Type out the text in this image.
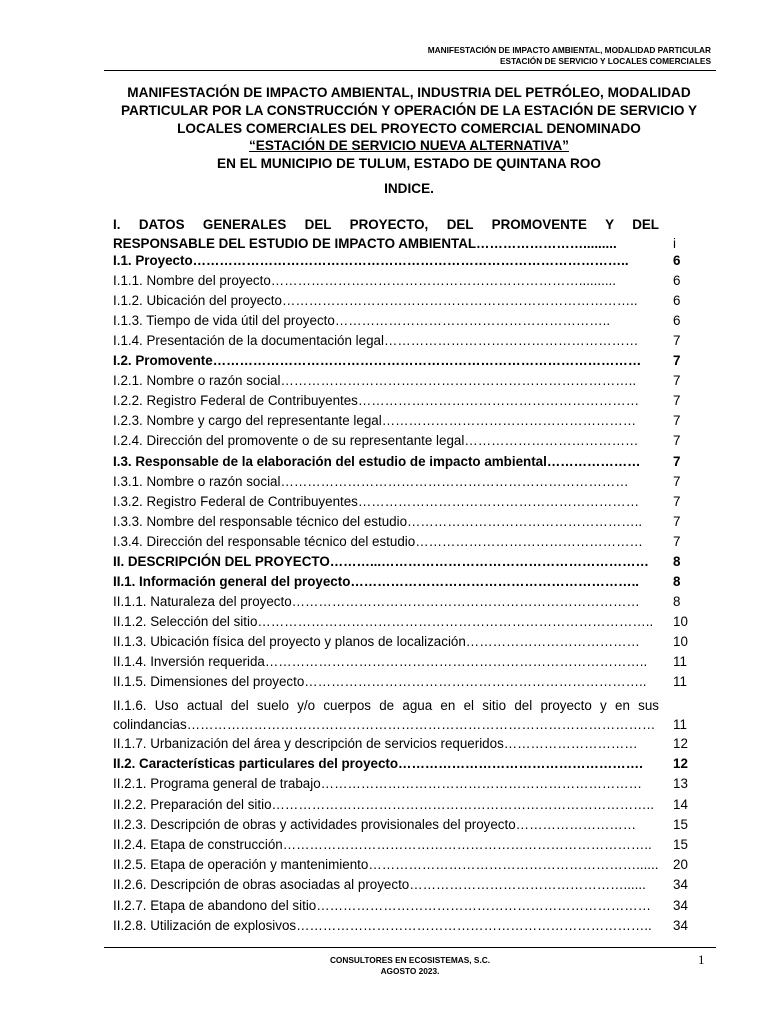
MANIFESTACIÓN DE IMPACTO AMBIENTAL, MODALIDAD PARTICULAR
ESTACIÓN DE SERVICIO Y LOCALES COMERCIALES
MANIFESTACIÓN DE IMPACTO AMBIENTAL, INDUSTRIA DEL PETRÓLEO, MODALIDAD
PARTICULAR POR LA CONSTRUCCIÓN Y OPERACIÓN DE LA ESTACIÓN DE SERVICIO Y
LOCALES COMERCIALES DEL PROYECTO COMERCIAL DENOMINADO
“ESTACIÓN DE SERVICIO NUEVA ALTERNATIVA”
EN EL MUNICIPIO DE TULUM, ESTADO DE QUINTANA ROO
INDICE.
I. DATOS GENERALES DEL PROYECTO, DEL PROMOVENTE Y DEL
RESPONSABLE DEL ESTUDIO DE IMPACTO AMBIENTAL…………………….........	i
I.1. Proyecto……………………………………………………………………………………..	6
I.1.1. Nombre del proyecto……………………………………………………………..........	6
I.1.2. Ubicación del proyecto……………………………………………………………………..	6
I.1.3. Tiempo de vida útil del proyecto……………………………………………………..	6
I.1.4. Presentación de la documentación legal…………………………………………………	7
I.2. Promovente……………………………………………………………………………………	7
I.2.1. Nombre o razón social……………………………………………………………………..	7
I.2.2. Registro Federal de Contribuyentes………………………………………………………	7
I.2.3. Nombre y cargo del representante legal…………………………………………………	7
I.2.4. Dirección del promovente o de su representante legal…………………………………	7
I.3. Responsable de la elaboración del estudio de impacto ambiental…………………	7
I.3.1. Nombre o razón social……………………………………………………………………	7
I.3.2. Registro Federal de Contribuyentes………………………………………………………	7
I.3.3. Nombre del responsable técnico del estudio……………………………………………..	7
I.3.4. Dirección del responsable técnico del estudio……………………………………………	7
II. DESCRIPCIÓN DEL PROYECTO………...……………………………………………………	8
II.1. Información general del proyecto………………………………………………………..	8
II.1.1. Naturaleza del proyecto……………………………………………………………………	8
II.1.2. Selección del sitio……………………………………………………………………………..	10
II.1.3. Ubicación física del proyecto y planos de localización…………………………………	10
II.1.4. Inversión requerida…………………………………………………………………………..	11
II.1.5. Dimensiones del proyecto…………………………………………………………………..	11
II.1.6. Uso actual del suelo y/o cuerpos de agua en el sitio del proyecto y en sus
colindancias…………………………………………………………………………………………… 11
II.1.7. Urbanización del área y descripción de servicios requeridos…………………………	12
II.2. Características particulares del proyecto……………………………………………….	12
II.2.1. Programa general de trabajo………………………………………………………………	13
II.2.2. Preparación del sitio…………………………………………………………………………..	14
II.2.3. Descripción de obras y actividades provisionales del proyecto………………………	15
II.2.4. Etapa de construcción………………………………………………………………………..	15
II.2.5. Etapa de operación y mantenimiento……………………………………………………...... 20
II.2.6. Descripción de obras asociadas al proyecto…………………………………………......	34
II.2.7. Etapa de abandono del sitio…………………………………………………………………	34
II.2.8. Utilización de explosivos……………………………………………………………………..	34
CONSULTORES EN ECOSISTEMAS, S.C.
AGOSTO 2023.
1
